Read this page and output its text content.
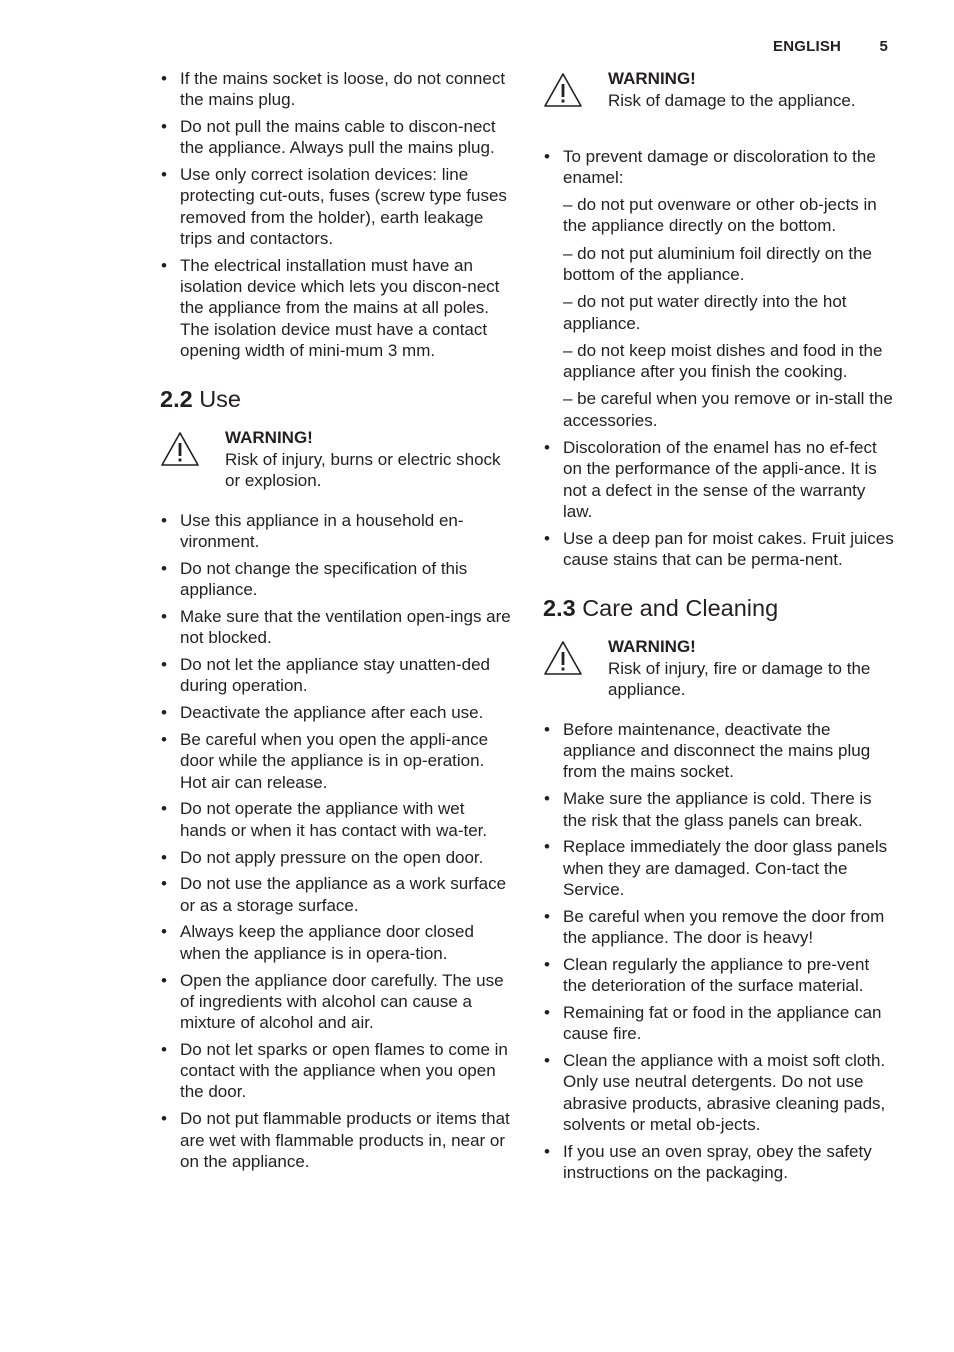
ENGLISH	5
• If the mains socket is loose, do not connect the mains plug.
• Do not pull the mains cable to discon-nect the appliance. Always pull the mains plug.
• Use only correct isolation devices: line protecting cut-outs, fuses (screw type fuses removed from the holder), earth leakage trips and contactors.
• The electrical installation must have an isolation device which lets you discon-nect the appliance from the mains at all poles. The isolation device must have a contact opening width of mini-mum 3 mm.
2.2 Use
WARNING!
Risk of injury, burns or electric shock or explosion.
• Use this appliance in a household en-vironment.
• Do not change the specification of this appliance.
• Make sure that the ventilation open-ings are not blocked.
• Do not let the appliance stay unatten-ded during operation.
• Deactivate the appliance after each use.
• Be careful when you open the appli-ance door while the appliance is in op-eration. Hot air can release.
• Do not operate the appliance with wet hands or when it has contact with wa-ter.
• Do not apply pressure on the open door.
• Do not use the appliance as a work surface or as a storage surface.
• Always keep the appliance door closed when the appliance is in opera-tion.
• Open the appliance door carefully. The use of ingredients with alcohol can cause a mixture of alcohol and air.
• Do not let sparks or open flames to come in contact with the appliance when you open the door.
• Do not put flammable products or items that are wet with flammable products in, near or on the appliance.
WARNING!
Risk of damage to the appliance.
• To prevent damage or discoloration to the enamel:
– do not put ovenware or other ob-jects in the appliance directly on the bottom.
– do not put aluminium foil directly on the bottom of the appliance.
– do not put water directly into the hot appliance.
– do not keep moist dishes and food in the appliance after you finish the cooking.
– be careful when you remove or in-stall the accessories.
• Discoloration of the enamel has no ef-fect on the performance of the appli-ance. It is not a defect in the sense of the warranty law.
• Use a deep pan for moist cakes. Fruit juices cause stains that can be perma-nent.
2.3 Care and Cleaning
WARNING!
Risk of injury, fire or damage to the appliance.
• Before maintenance, deactivate the appliance and disconnect the mains plug from the mains socket.
• Make sure the appliance is cold. There is the risk that the glass panels can break.
• Replace immediately the door glass panels when they are damaged. Con-tact the Service.
• Be careful when you remove the door from the appliance. The door is heavy!
• Clean regularly the appliance to pre-vent the deterioration of the surface material.
• Remaining fat or food in the appliance can cause fire.
• Clean the appliance with a moist soft cloth. Only use neutral detergents. Do not use abrasive products, abrasive cleaning pads, solvents or metal ob-jects.
• If you use an oven spray, obey the safety instructions on the packaging.
